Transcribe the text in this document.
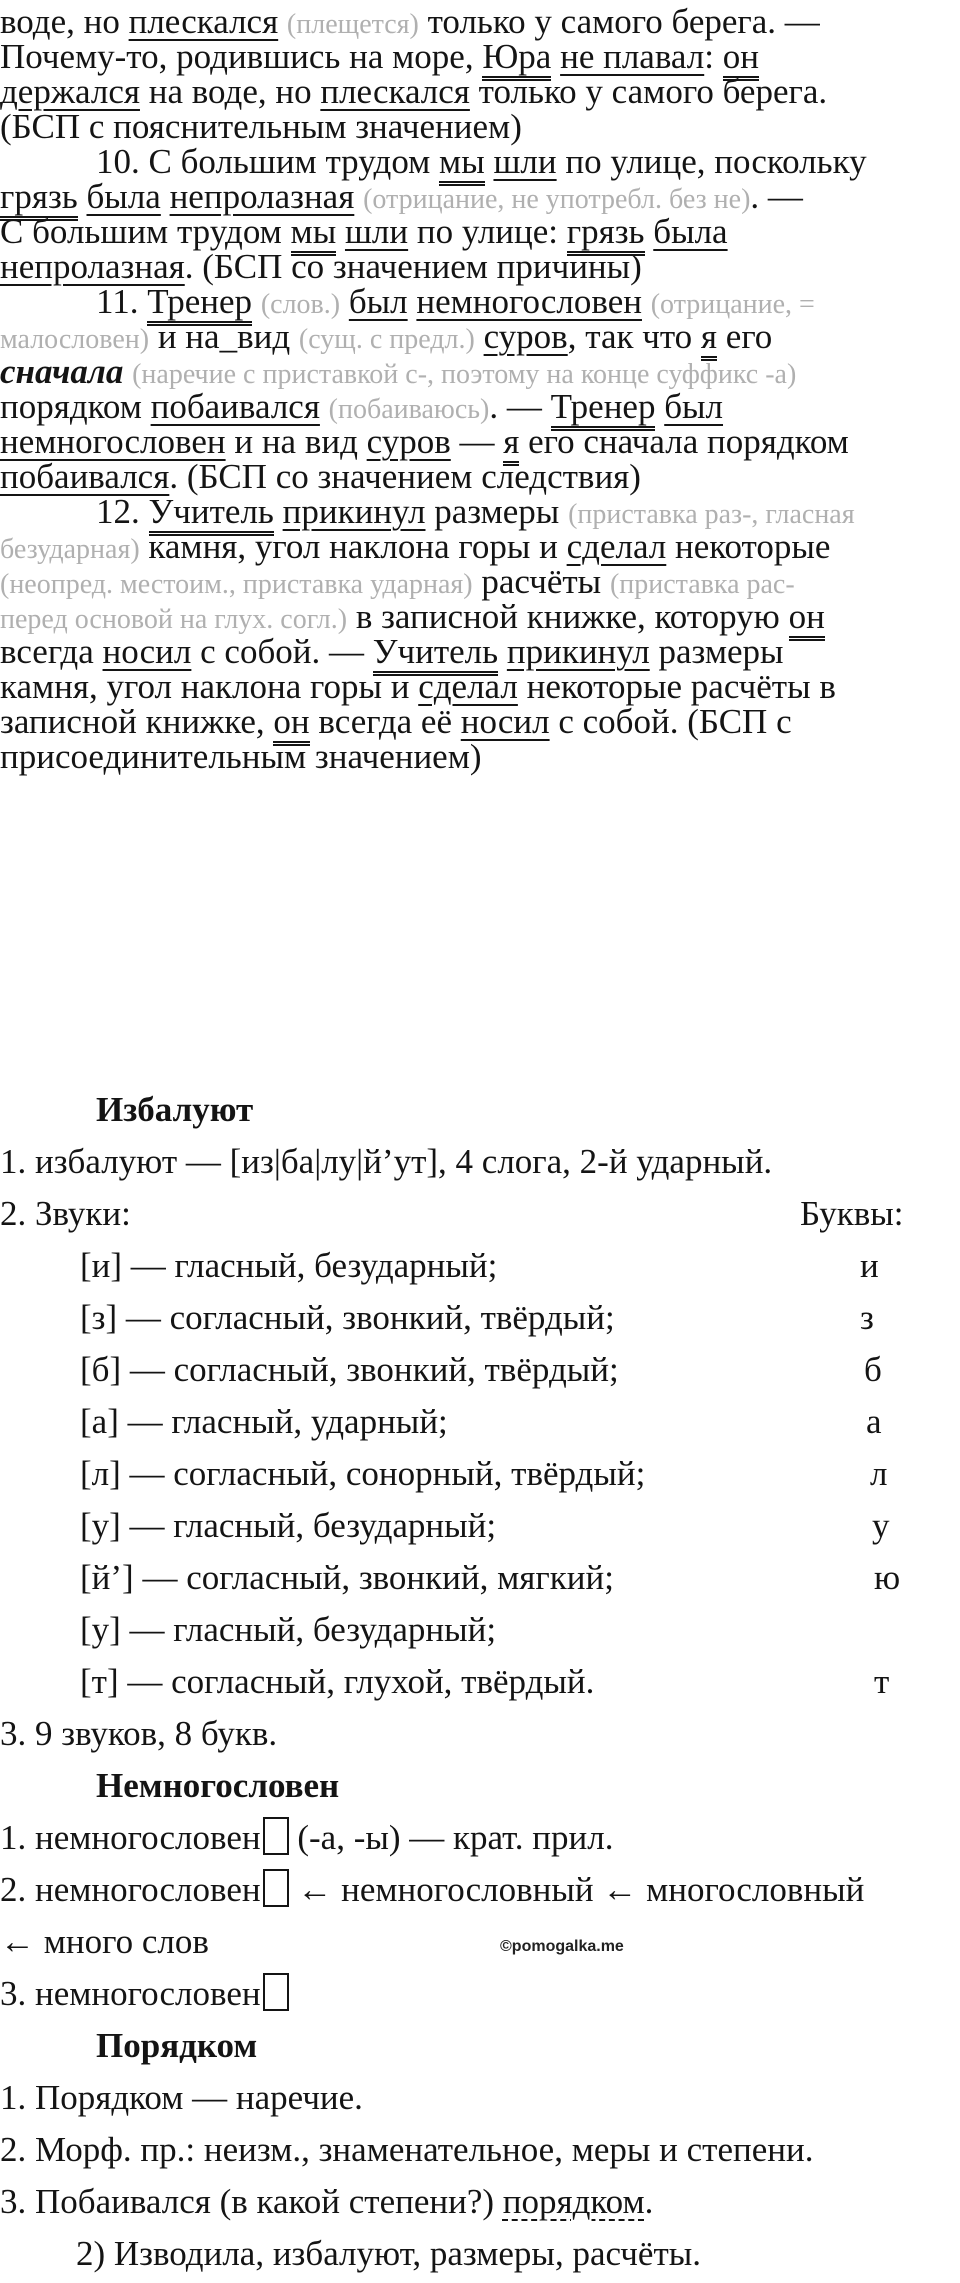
воде, но плескался (плещется) только у самого берега. —
Почему-то, родившись на море, Юра не плавал: он
держался на воде, но плескался только у самого берега.
(БСП с пояснительным значением)
10. С большим трудом мы шли по улице, поскольку
грязь была непролазная (отрицание, не употребл. без не). —
С большим трудом мы шли по улице: грязь была
непролазная. (БСП со значением причины)
11. Тренер (слов.) был немногословен (отрицание, =
малословен) и на_вид (сущ. с предл.) суров, так что я его
сначала (наречие с приставкой с-, поэтому на конце суффикс -а)
порядком побаивался (побаиваюсь). — Тренер был
немногословен и на вид суров — я его сначала порядком
побаивался. (БСП со значением следствия)
12. Учитель прикинул размеры (приставка раз-, гласная
безударная) камня, угол наклона горы и сделал некоторые
(неопред. местоим., приставка ударная) расчёты (приставка рас-
перед основой на глух. согл.) в записной книжке, которую он
всегда носил с собой. — Учитель прикинул размеры
камня, угол наклона горы и сделал некоторые расчёты в
записной книжке, он всегда её носил с собой. (БСП с
присоединительным значением)
Избалуют
1. избалуют — [из|ба|лу|й’ут], 4 слога, 2-й ударный.
2. Звуки:	Буквы:
[и] — гласный, безударный;	и
[з] — согласный, звонкий, твёрдый;	з
[б] — согласный, звонкий, твёрдый;	б
[а] — гласный, ударный;	а
[л] — согласный, сонорный, твёрдый;	л
[у] — гласный, безударный;	у
[й’] — согласный, звонкий, мягкий;	ю
[у] — гласный, безударный;
[т] — согласный, глухой, твёрдый.	т
3. 9 звуков, 8 букв.
Немногословен
1. немногословен (-а, -ы) — крат. прил.
2. немногословен ← немногословный ← многословный
← много слов	©pomogalka.me
3. немногословен
Порядком
1. Порядком — наречие.
2. Морф. пр.: неизм., знаменательное, меры и степени.
3. Побаивался (в какой степени?) порядком.
2) Изводила, избалуют, размеры, расчёты.
